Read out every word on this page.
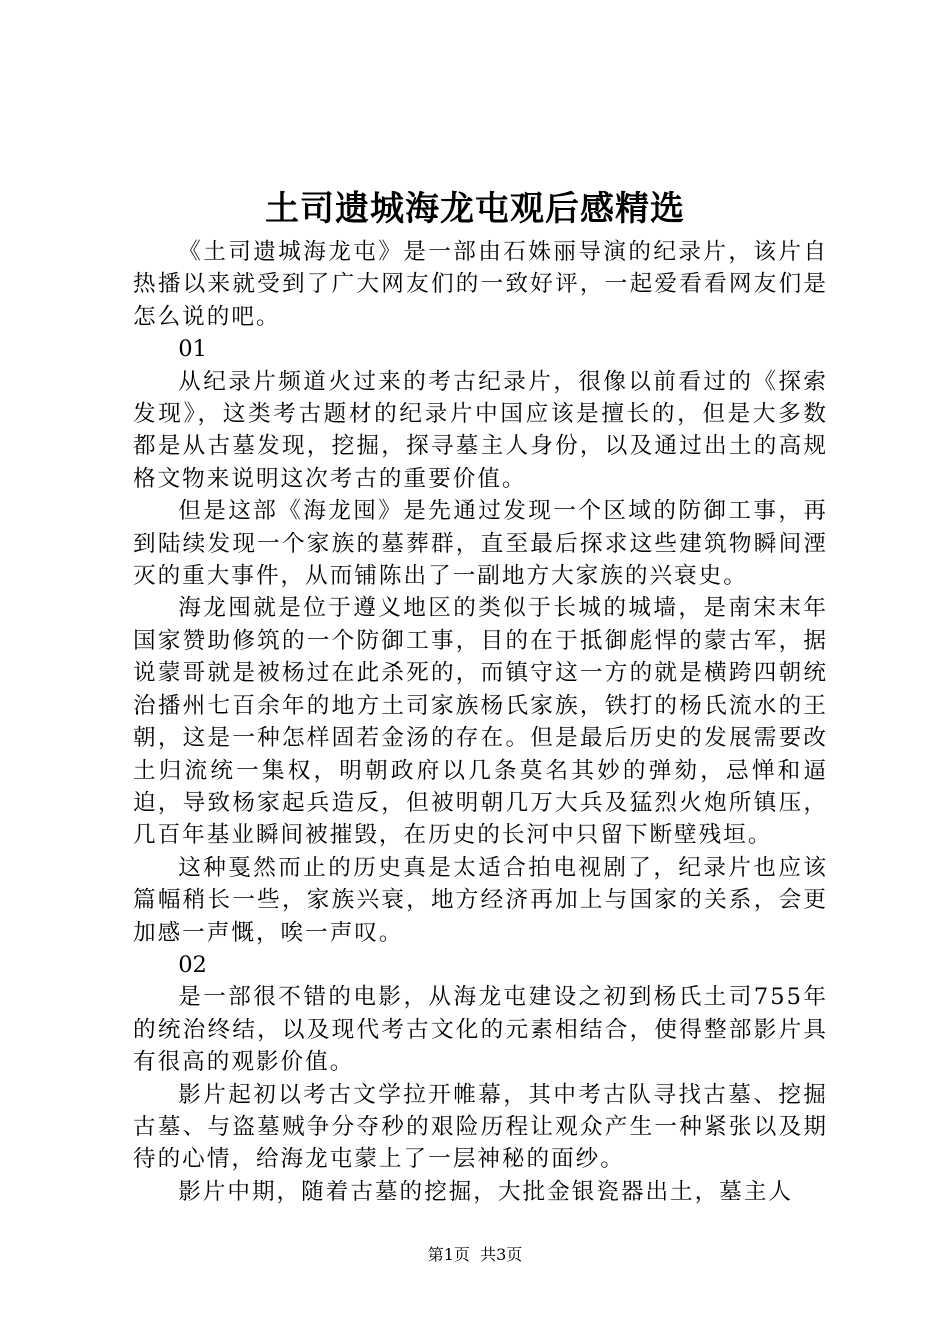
土司遗城海龙屯观后感精选

《土司遗城海龙屯》是一部由石姝丽导演的纪录片，该片自热播以来就受到了广大网友们的一致好评，一起爱看看网友们是怎么说的吧。

01

从纪录片频道火过来的考古纪录片，很像以前看过的《探索发现》，这类考古题材的纪录片中国应该是擅长的，但是大多数都是从古墓发现，挖掘，探寻墓主人身份，以及通过出土的高规格文物来说明这次考古的重要价值。

但是这部《海龙囤》是先通过发现一个区域的防御工事，再到陆续发现一个家族的墓葬群，直至最后探求这些建筑物瞬间湮灭的重大事件，从而铺陈出了一副地方大家族的兴衰史。

海龙囤就是位于遵义地区的类似于长城的城墙，是南宋末年国家赞助修筑的一个防御工事，目的在于抵御彪悍的蒙古军，据说蒙哥就是被杨过在此杀死的，而镇守这一方的就是横跨四朝统治播州七百余年的地方土司家族杨氏家族，铁打的杨氏流水的王朝，这是一种怎样固若金汤的存在。但是最后历史的发展需要改土归流统一集权，明朝政府以几条莫名其妙的弹劾，忌惮和逼迫，导致杨家起兵造反，但被明朝几万大兵及猛烈火炮所镇压，几百年基业瞬间被摧毁，在历史的长河中只留下断壁残垣。

这种戛然而止的历史真是太适合拍电视剧了，纪录片也应该篇幅稍长一些，家族兴衰，地方经济再加上与国家的关系，会更加感一声慨，唉一声叹。

02

是一部很不错的电影，从海龙屯建设之初到杨氏土司755年的统治终结，以及现代考古文化的元素相结合，使得整部影片具有很高的观影价值。

影片起初以考古文学拉开帷幕，其中考古队寻找古墓、挖掘古墓、与盗墓贼争分夺秒的艰险历程让观众产生一种紧张以及期待的心情，给海龙屯蒙上了一层神秘的面纱。

影片中期，随着古墓的挖掘，大批金银瓷器出土，墓主人

第1页  共3页
